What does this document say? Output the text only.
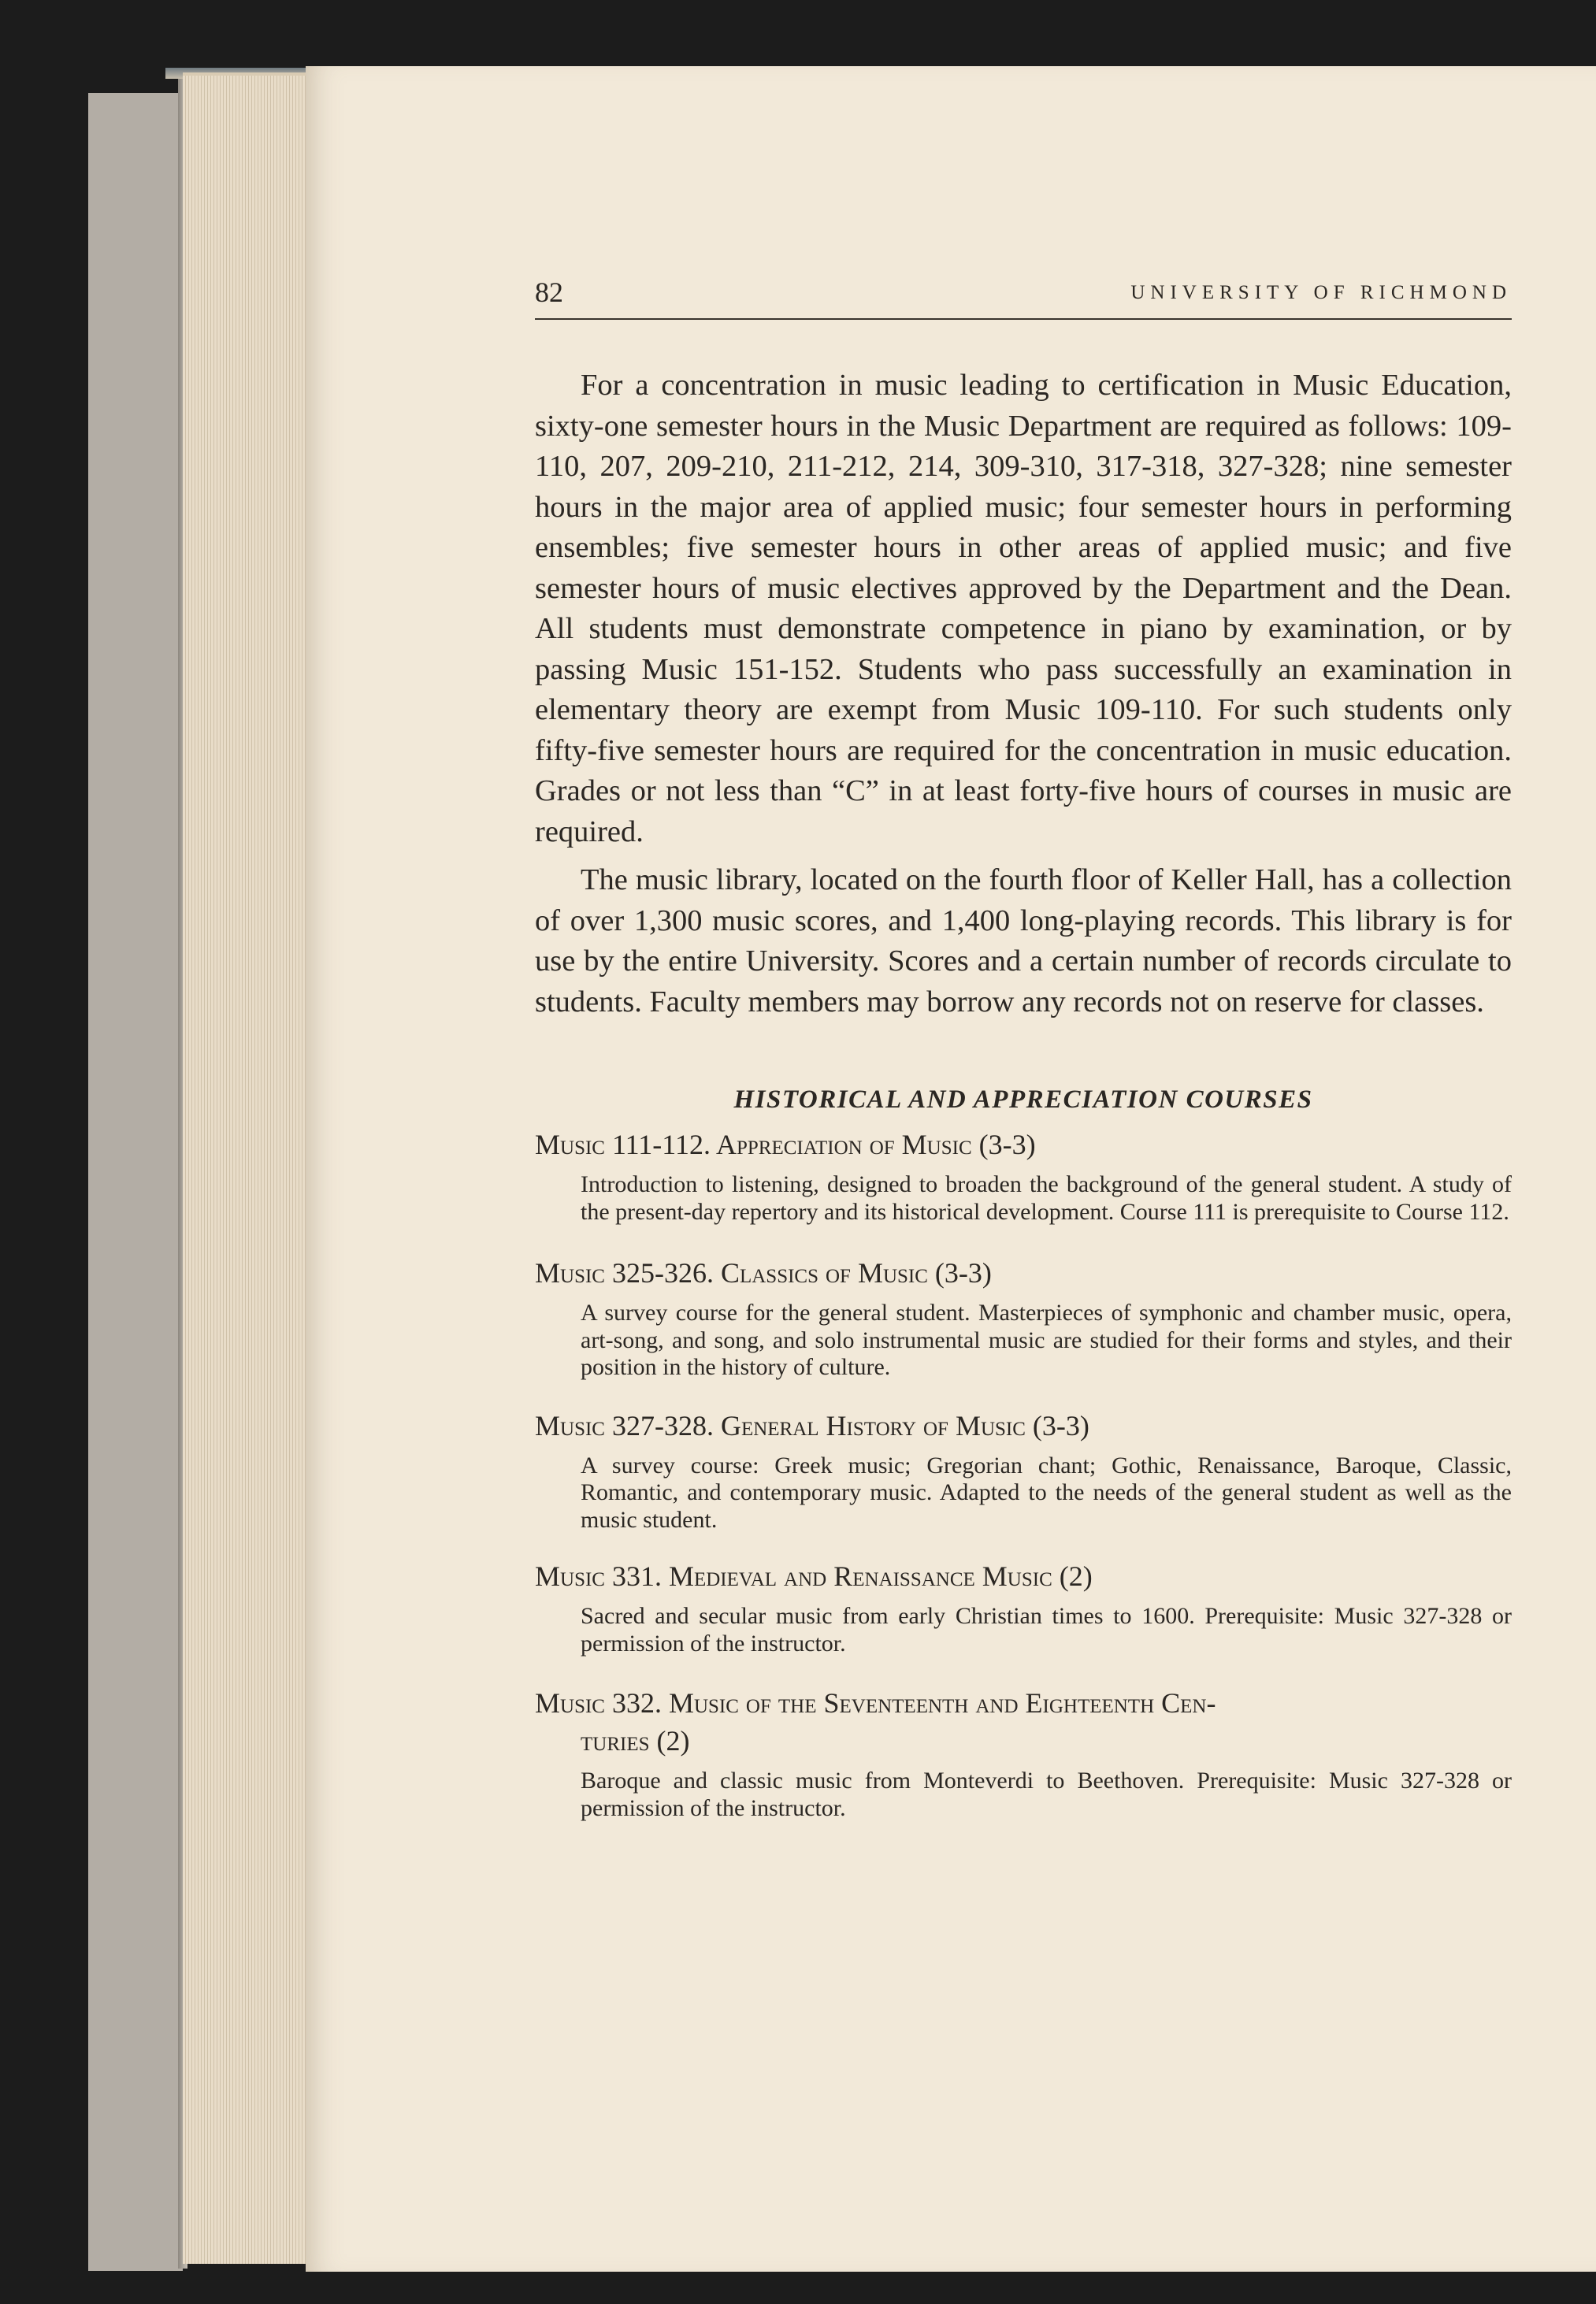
82	UNIVERSITY OF RICHMOND

For a concentration in music leading to certification in Music Education, sixty-one semester hours in the Music Department are required as follows: 109-110, 207, 209-210, 211-212, 214, 309-310, 317-318, 327-328; nine semester hours in the major area of applied music; four semester hours in performing ensembles; five semester hours in other areas of applied music; and five semester hours of music electives approved by the Department and the Dean. All students must demonstrate competence in piano by examination, or by passing Music 151-152. Students who pass successfully an examination in elementary theory are exempt from Music 109-110. For such students only fifty-five semester hours are required for the concentration in music education. Grades or not less than “C” in at least forty-five hours of courses in music are required.

The music library, located on the fourth floor of Keller Hall, has a collection of over 1,300 music scores, and 1,400 long-playing records. This library is for use by the entire University. Scores and a certain number of records circulate to students. Faculty members may borrow any records not on reserve for classes.

HISTORICAL AND APPRECIATION COURSES
Music 111-112. Appreciation of Music (3-3)
Introduction to listening, designed to broaden the background of the general student. A study of the present-day repertory and its historical development. Course 111 is prerequisite to Course 112.
Music 325-326. Classics of Music (3-3)
A survey course for the general student. Masterpieces of symphonic and chamber music, opera, art-song, and song, and solo instrumental music are studied for their forms and styles, and their position in the history of culture.
Music 327-328. General History of Music (3-3)
A survey course: Greek music; Gregorian chant; Gothic, Renaissance, Baroque, Classic, Romantic, and contemporary music. Adapted to the needs of the general student as well as the music student.
Music 331. Medieval and Renaissance Music (2)
Sacred and secular music from early Christian times to 1600. Prerequisite: Music 327-328 or permission of the instructor.
Music 332. Music of the Seventeenth and Eighteenth Cen-
turies (2)
Baroque and classic music from Monteverdi to Beethoven. Prerequisite: Music 327-328 or permission of the instructor.
